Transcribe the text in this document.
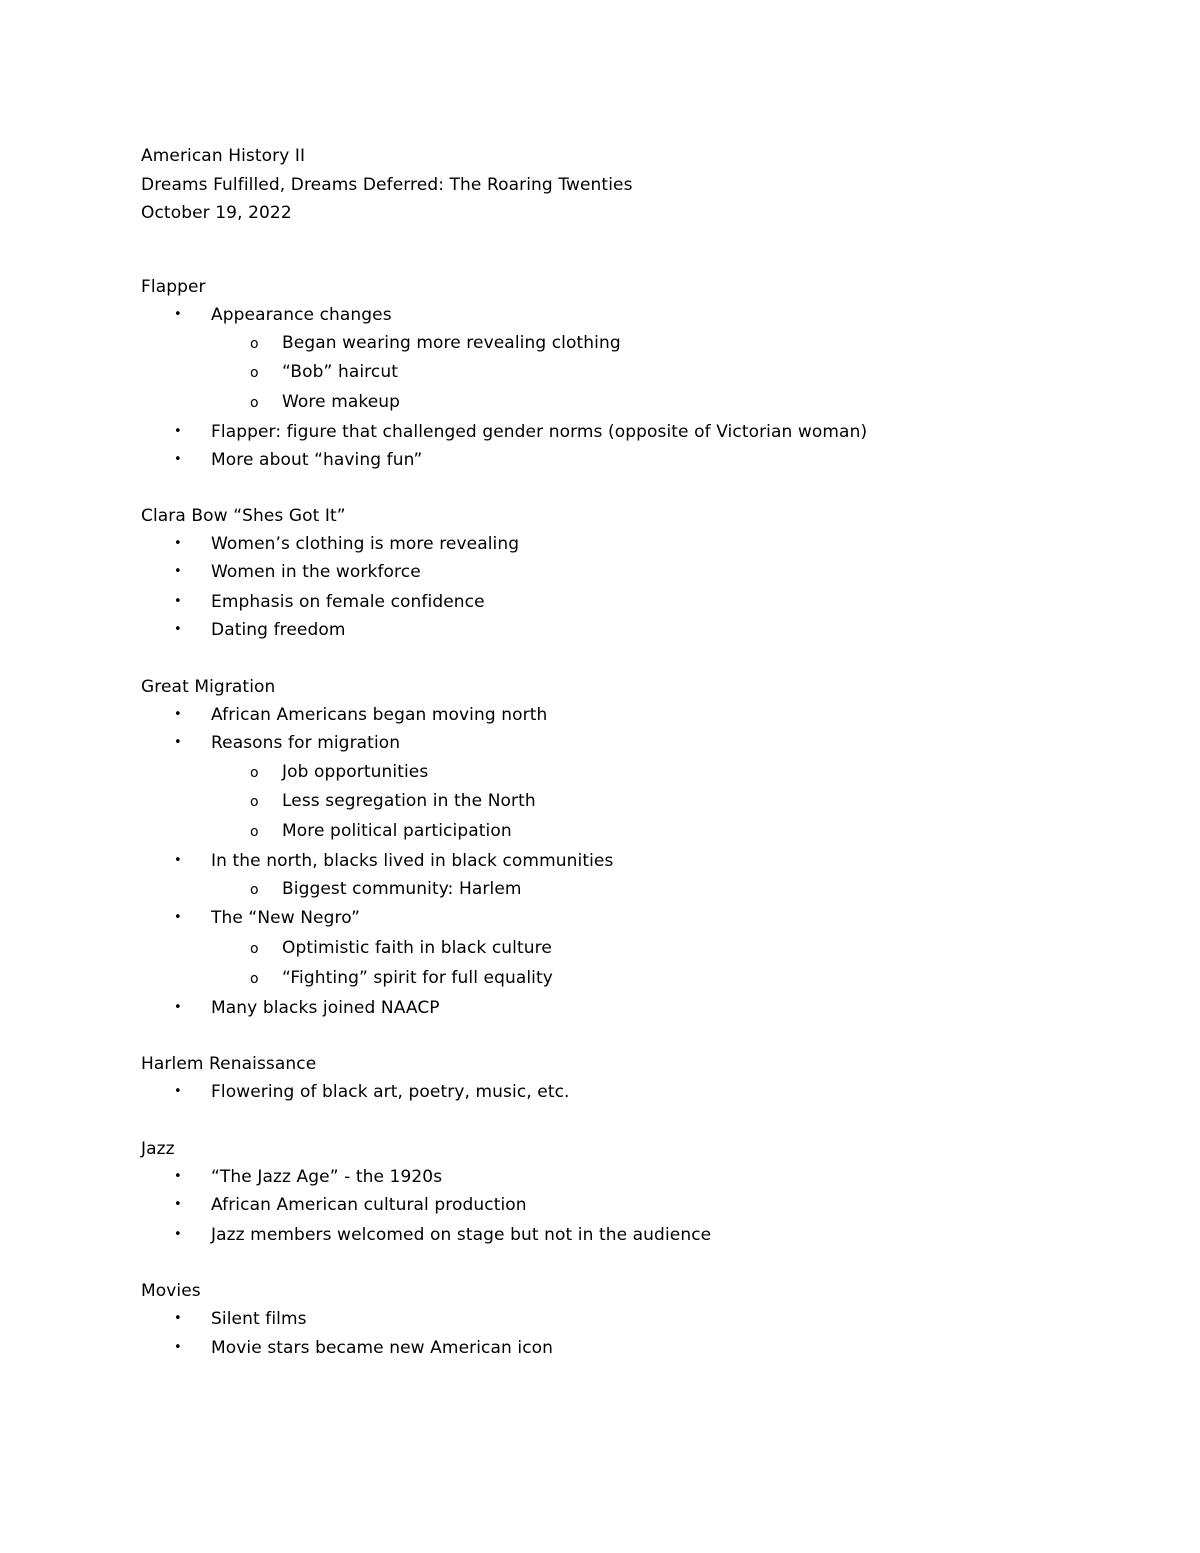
American History II
Dreams Fulfilled, Dreams Deferred: The Roaring Twenties
October 19, 2022
Flapper
• Appearance changes
o Began wearing more revealing clothing
o “Bob” haircut
o Wore makeup
• Flapper: figure that challenged gender norms (opposite of Victorian woman)
• More about “having fun”
Clara Bow “Shes Got It”
• Women’s clothing is more revealing
• Women in the workforce
• Emphasis on female confidence
• Dating freedom
Great Migration
• African Americans began moving north
• Reasons for migration
o Job opportunities
o Less segregation in the North
o More political participation
• In the north, blacks lived in black communities
o Biggest community: Harlem
• The “New Negro”
o Optimistic faith in black culture
o “Fighting” spirit for full equality
• Many blacks joined NAACP
Harlem Renaissance
• Flowering of black art, poetry, music, etc.
Jazz
• “The Jazz Age” - the 1920s
• African American cultural production
• Jazz members welcomed on stage but not in the audience
Movies
• Silent films
• Movie stars became new American icon
